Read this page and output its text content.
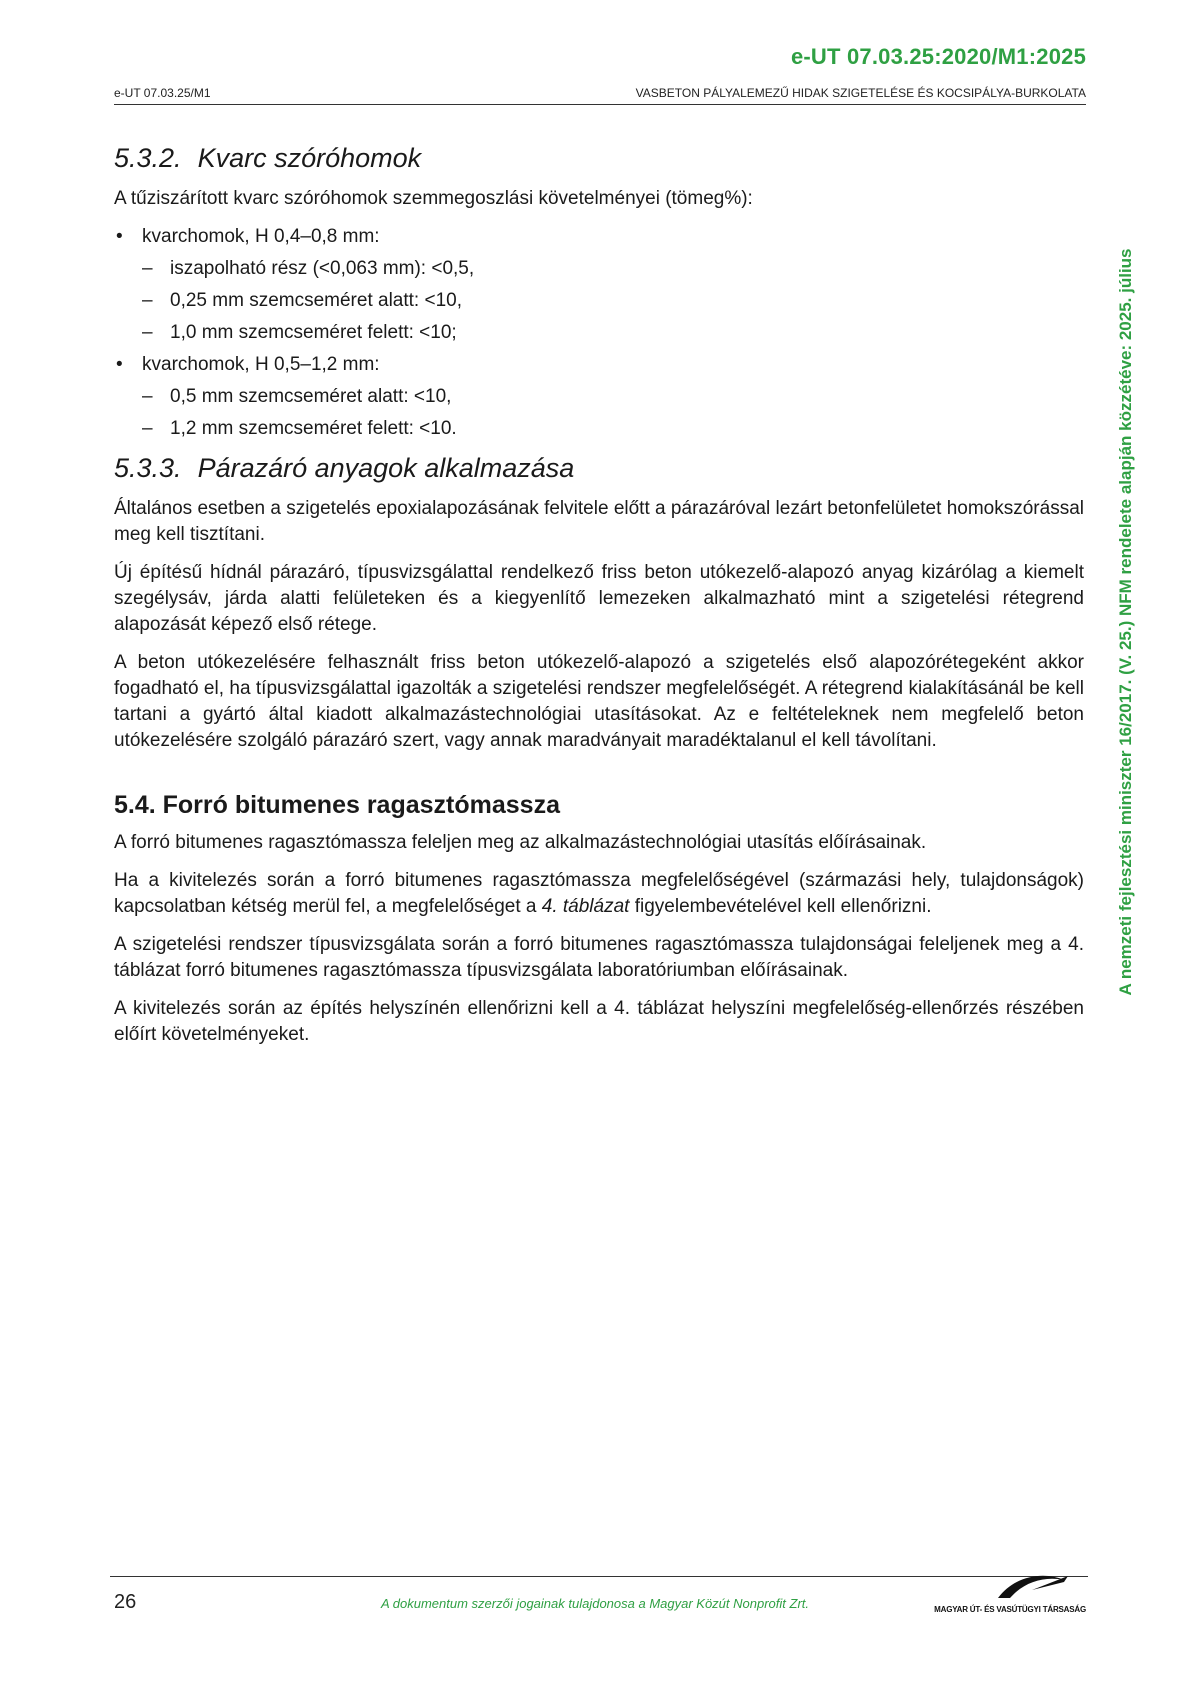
e-UT 07.03.25:2020/M1:2025
e-UT 07.03.25/M1	VASBETON PÁLYALEMEZŰ HIDAK SZIGETELÉSE ÉS KOCSIPÁLYA-BURKOLATA
A nemzeti fejlesztési miniszter 16/2017. (V. 25.) NFM rendelete alapján közzétéve: 2025. július
5.3.2. Kvarc szóróhomok

A tűziszárított kvarc szóróhomok szemmegoszlási követelményei (tömeg%):

• kvarchomok, H 0,4–0,8 mm:
– iszapolható rész (<0,063 mm): <0,5,
– 0,25 mm szemcseméret alatt: <10,
– 1,0 mm szemcseméret felett: <10;
• kvarchomok, H 0,5–1,2 mm:
– 0,5 mm szemcseméret alatt: <10,
– 1,2 mm szemcseméret felett: <10.
5.3.3. Párazáró anyagok alkalmazása

Általános esetben a szigetelés epoxialapozásának felvitele előtt a párazáróval lezárt betonfelületet homokszórással meg kell tisztítani.

Új építésű hídnál párazáró, típusvizsgálattal rendelkező friss beton utókezelő-alapozó anyag kizárólag a kiemelt szegélysáv, járda alatti felületeken és a kiegyenlítő lemezeken alkalmazható mint a szigetelési rétegrend alapozását képező első rétege.

A beton utókezelésére felhasznált friss beton utókezelő-alapozó a szigetelés első alapozórétegeként akkor fogadható el, ha típusvizsgálattal igazolták a szigetelési rendszer megfelelőségét. A rétegrend kialakításánál be kell tartani a gyártó által kiadott alkalmazástechnológiai utasításokat. Az e feltételeknek nem megfelelő beton utókezelésére szolgáló párazáró szert, vagy annak maradványait maradéktalanul el kell távolítani.

5.4. Forró bitumenes ragasztómassza

A forró bitumenes ragasztómassza feleljen meg az alkalmazástechnológiai utasítás előírásainak.

Ha a kivitelezés során a forró bitumenes ragasztómassza megfelelőségével (származási hely, tulajdonságok) kapcsolatban kétség merül fel, a megfelelőséget a 4. táblázat figyelembevételével kell ellenőrizni.

A szigetelési rendszer típusvizsgálata során a forró bitumenes ragasztómassza tulajdonságai feleljenek meg a 4. táblázat forró bitumenes ragasztómassza típusvizsgálata laboratóriumban előírásainak.

A kivitelezés során az építés helyszínén ellenőrizni kell a 4. táblázat helyszíni megfelelőség-ellenőrzés részében előírt követelményeket.

26	A dokumentum szerzői jogainak tulajdonosa a Magyar Közút Nonprofit Zrt.	MAGYAR ÚT- ÉS VASÚTÜGYI TÁRSASÁG
